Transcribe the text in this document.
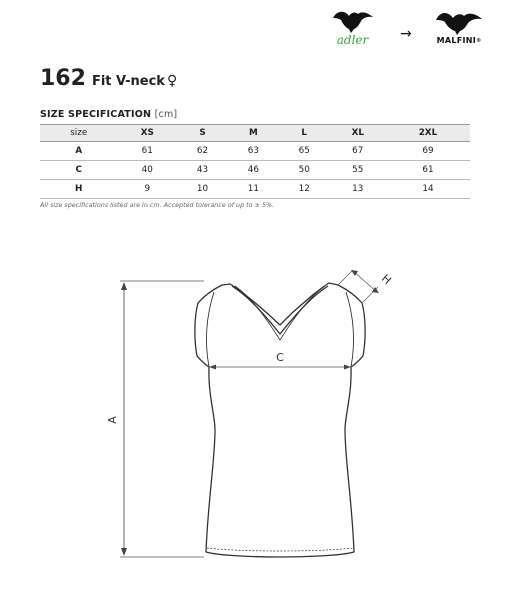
adler	→	MALFINI®
162 Fit V-neck ♀
SIZE SPECIFICATION [cm]
size	XS	S	M	L	XL	2XL
A	61	62	63	65	67	69
C	40	43	46	50	55	61
H	9	10	11	12	13	14
All size specifications listed are in cm. Accepted tolerance of up to ± 5%.
A
C
H
